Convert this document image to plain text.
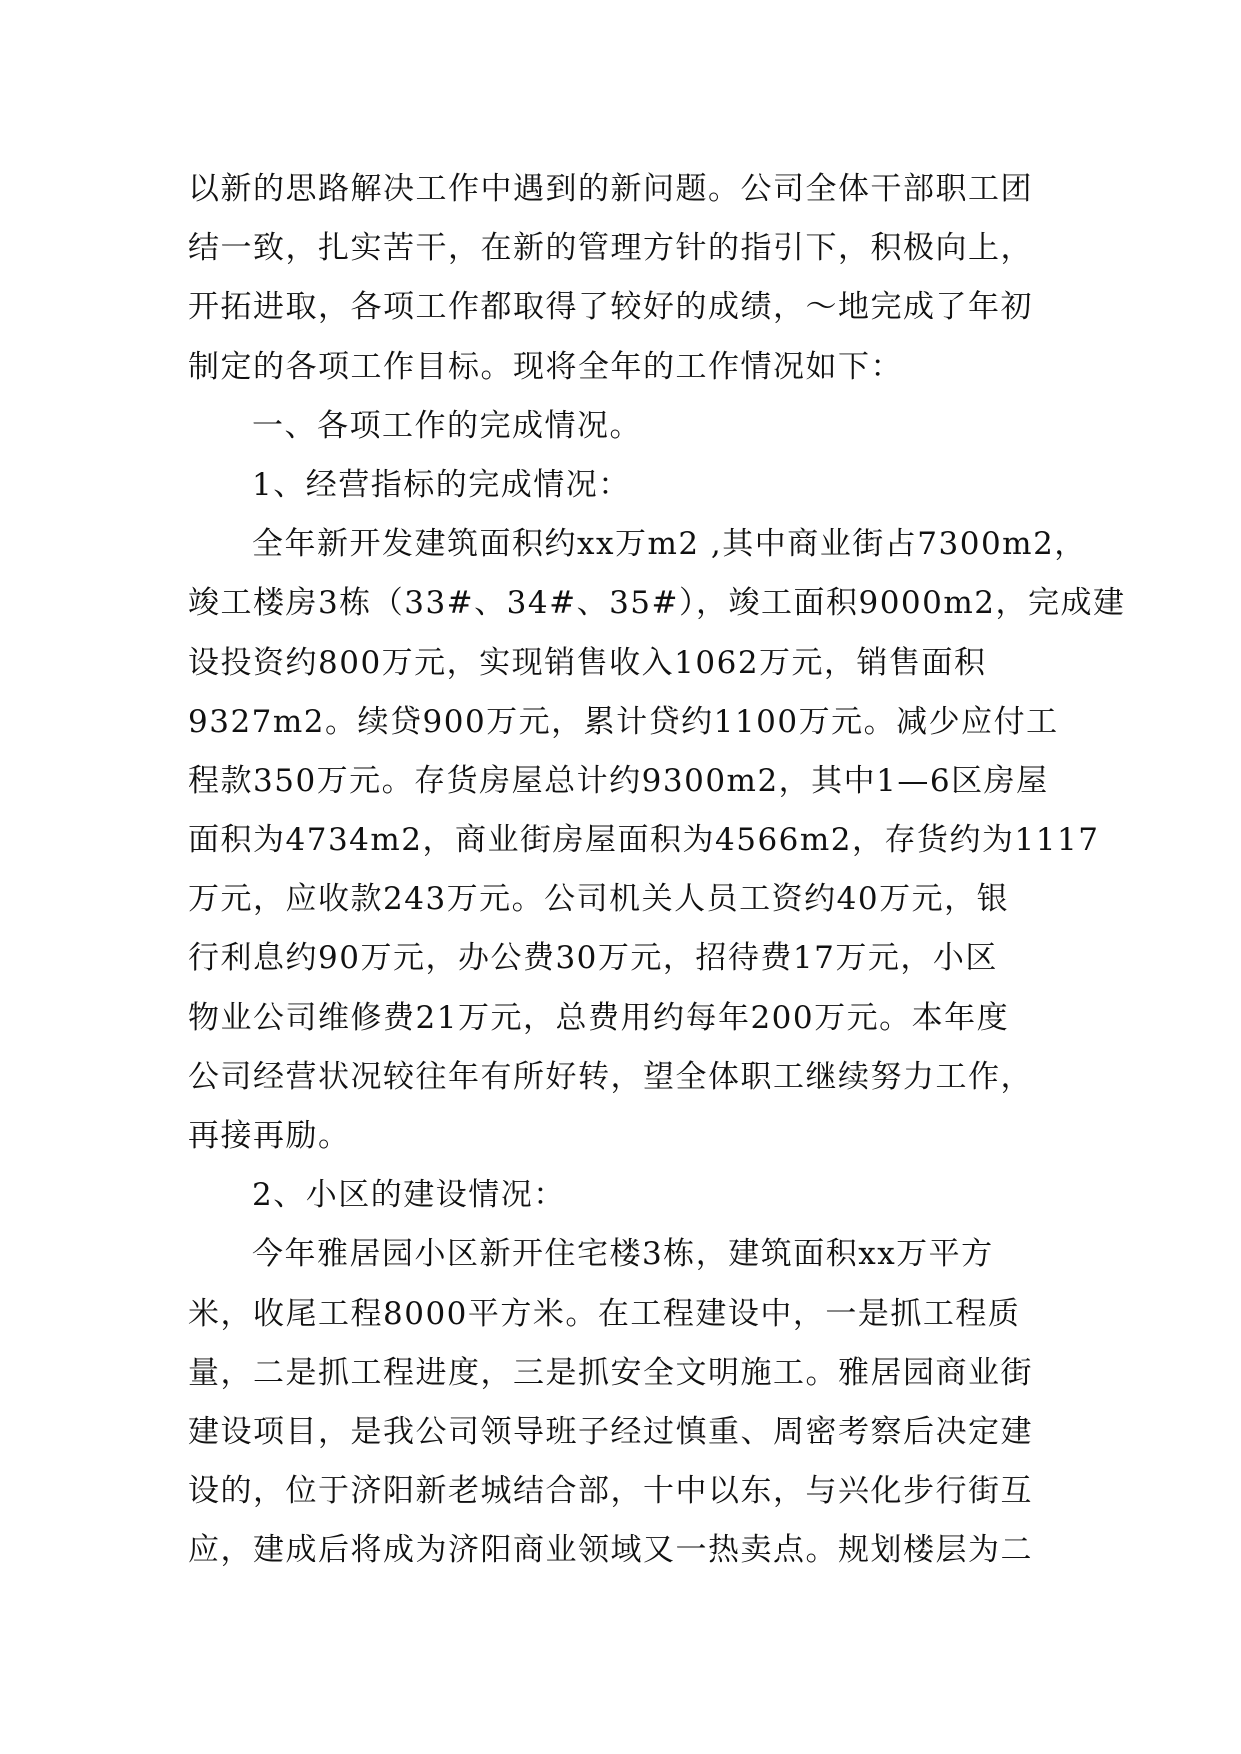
以新的思路解决工作中遇到的新问题。公司全体干部职工团
结一致，扎实苦干，在新的管理方针的指引下，积极向上，
开拓进取，各项工作都取得了较好的成绩，～地完成了年初
制定的各项工作目标。现将全年的工作情况如下：
一、各项工作的完成情况。
1、经营指标的完成情况：
全年新开发建筑面积约xx万m2 ,其中商业街占7300m2，
竣工楼房3栋（33#、34#、35#），竣工面积9000m2，完成建
设投资约800万元，实现销售收入1062万元，销售面积
9327m2。续贷900万元，累计贷约1100万元。减少应付工
程款350万元。存货房屋总计约9300m2，其中1—6区房屋
面积为4734m2，商业街房屋面积为4566m2，存货约为1117
万元，应收款243万元。公司机关人员工资约40万元，银
行利息约90万元，办公费30万元，招待费17万元，小区
物业公司维修费21万元，总费用约每年200万元。本年度
公司经营状况较往年有所好转，望全体职工继续努力工作，
再接再励。
2、小区的建设情况：
今年雅居园小区新开住宅楼3栋，建筑面积xx万平方
米，收尾工程8000平方米。在工程建设中，一是抓工程质
量，二是抓工程进度，三是抓安全文明施工。雅居园商业街
建设项目，是我公司领导班子经过慎重、周密考察后决定建
设的，位于济阳新老城结合部，十中以东，与兴化步行街互
应，建成后将成为济阳商业领域又一热卖点。规划楼层为二
